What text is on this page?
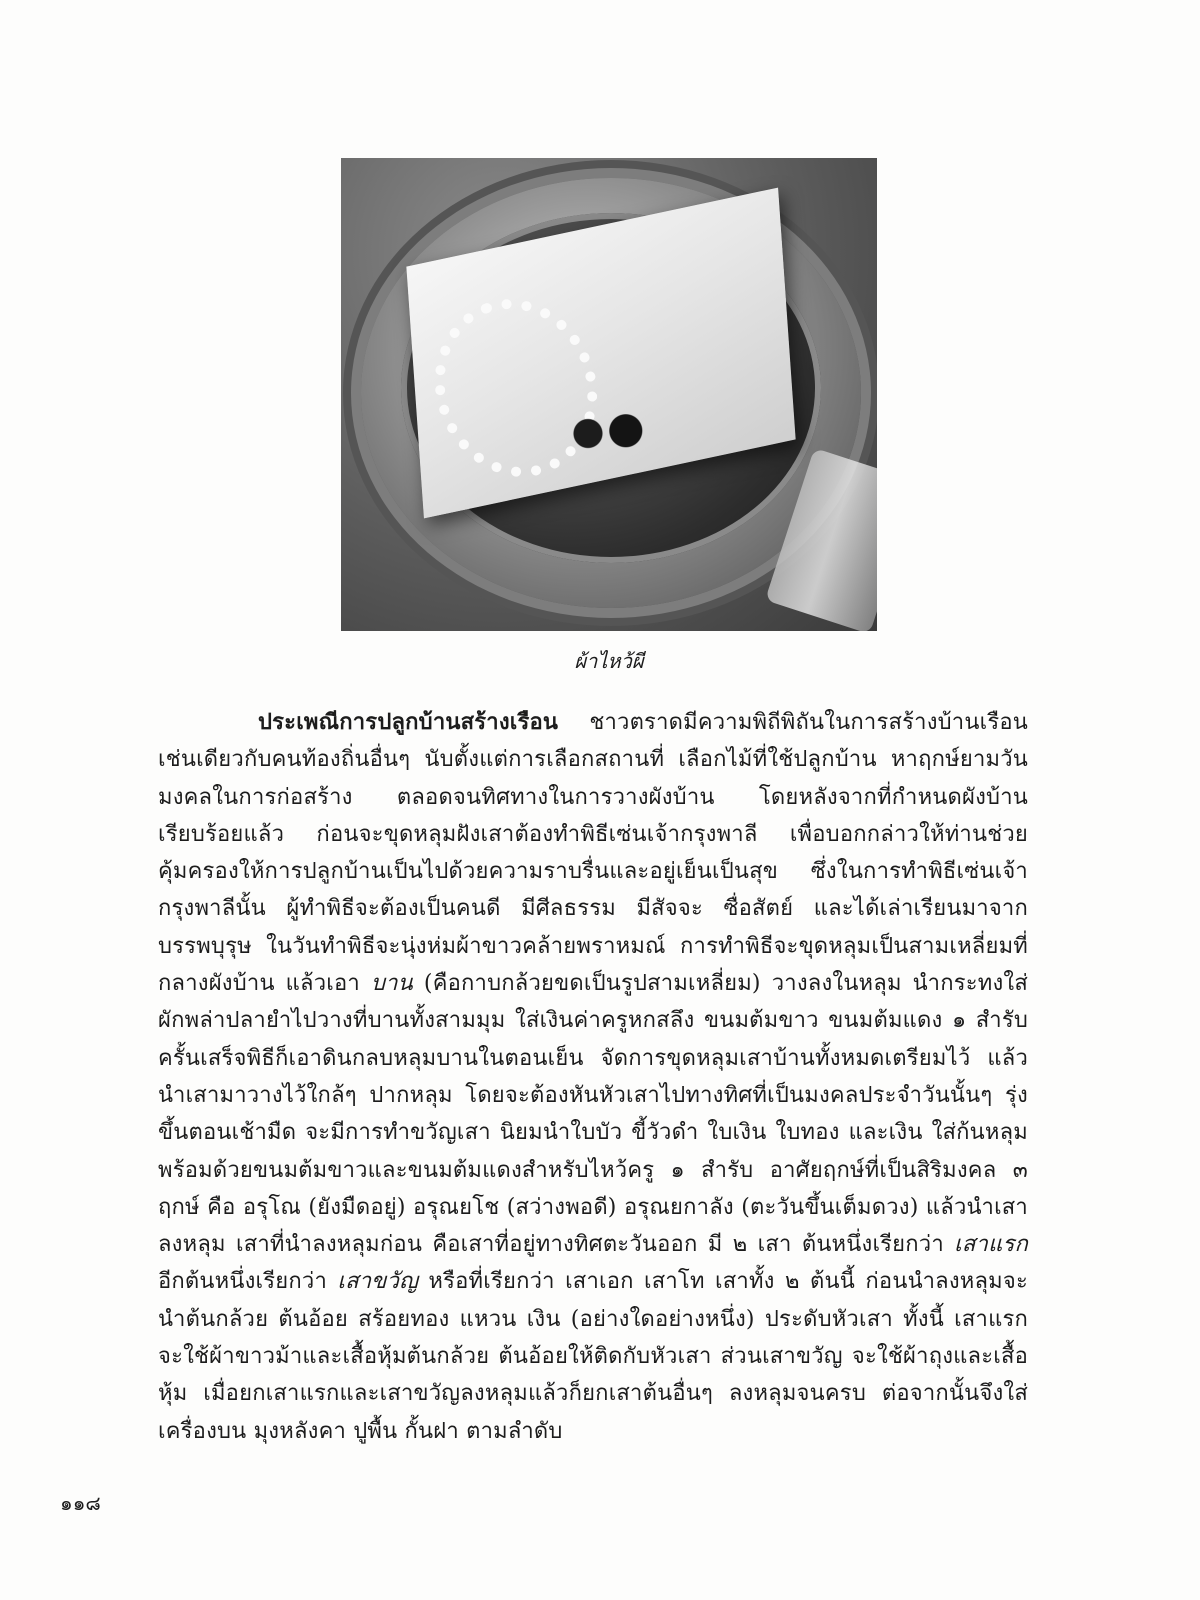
ผ้าไหว้ผี

ประเพณีการปลูกบ้านสร้างเรือน ชาวตราดมีความพิถีพิถันในการสร้างบ้านเรือนเช่นเดียวกับคนท้องถิ่นอื่นๆ นับตั้งแต่การเลือกสถานที่ เลือกไม้ที่ใช้ปลูกบ้าน หาฤกษ์ยามวันมงคลในการก่อสร้าง ตลอดจนทิศทางในการวางผังบ้าน โดยหลังจากที่กำหนดผังบ้านเรียบร้อยแล้ว ก่อนจะขุดหลุมฝังเสาต้องทำพิธีเซ่นเจ้ากรุงพาลี เพื่อบอกกล่าวให้ท่านช่วยคุ้มครองให้การปลูกบ้านเป็นไปด้วยความราบรื่นและอยู่เย็นเป็นสุข ซึ่งในการทำพิธีเซ่นเจ้ากรุงพาลีนั้น ผู้ทำพิธีจะต้องเป็นคนดี มีศีลธรรม มีสัจจะ ซื่อสัตย์ และได้เล่าเรียนมาจากบรรพบุรุษ ในวันทำพิธีจะนุ่งห่มผ้าขาวคล้ายพราหมณ์ การทำพิธีจะขุดหลุมเป็นสามเหลี่ยมที่กลางผังบ้าน แล้วเอา บาน (คือกาบกล้วยขดเป็นรูปสามเหลี่ยม) วางลงในหลุม นำกระทงใส่ผักพล่าปลายำไปวางที่บานทั้งสามมุม ใส่เงินค่าครูหกสลึง ขนมต้มขาว ขนมต้มแดง ๑ สำรับ ครั้นเสร็จพิธีก็เอาดินกลบหลุมบานในตอนเย็น จัดการขุดหลุมเสาบ้านทั้งหมดเตรียมไว้ แล้วนำเสามาวางไว้ใกล้ๆ ปากหลุม โดยจะต้องหันหัวเสาไปทางทิศที่เป็นมงคลประจำวันนั้นๆ รุ่งขึ้นตอนเช้ามืด จะมีการทำขวัญเสา นิยมนำใบบัว ขี้วัวดำ ใบเงิน ใบทอง และเงิน ใส่ก้นหลุม พร้อมด้วยขนมต้มขาวและขนมต้มแดงสำหรับไหว้ครู ๑ สำรับ อาศัยฤกษ์ที่เป็นสิริมงคล ๓ ฤกษ์ คือ อรุโณ (ยังมืดอยู่) อรุณยโช (สว่างพอดี) อรุณยกาลัง (ตะวันขึ้นเต็มดวง) แล้วนำเสาลงหลุม เสาที่นำลงหลุมก่อน คือเสาที่อยู่ทางทิศตะวันออก มี ๒ เสา ต้นหนึ่งเรียกว่า เสาแรก อีกต้นหนึ่งเรียกว่า เสาขวัญ หรือที่เรียกว่า เสาเอก เสาโท เสาทั้ง ๒ ต้นนี้ ก่อนนำลงหลุมจะนำต้นกล้วย ต้นอ้อย สร้อยทอง แหวน เงิน (อย่างใดอย่างหนึ่ง) ประดับหัวเสา ทั้งนี้ เสาแรก จะใช้ผ้าขาวม้าและเสื้อหุ้มต้นกล้วย ต้นอ้อยให้ติดกับหัวเสา ส่วนเสาขวัญ จะใช้ผ้าถุงและเสื้อหุ้ม เมื่อยกเสาแรกและเสาขวัญลงหลุมแล้วก็ยกเสาต้นอื่นๆ ลงหลุมจนครบ ต่อจากนั้นจึงใส่เครื่องบน มุงหลังคา ปูพื้น กั้นฝา ตามลำดับ

๑๑๘
